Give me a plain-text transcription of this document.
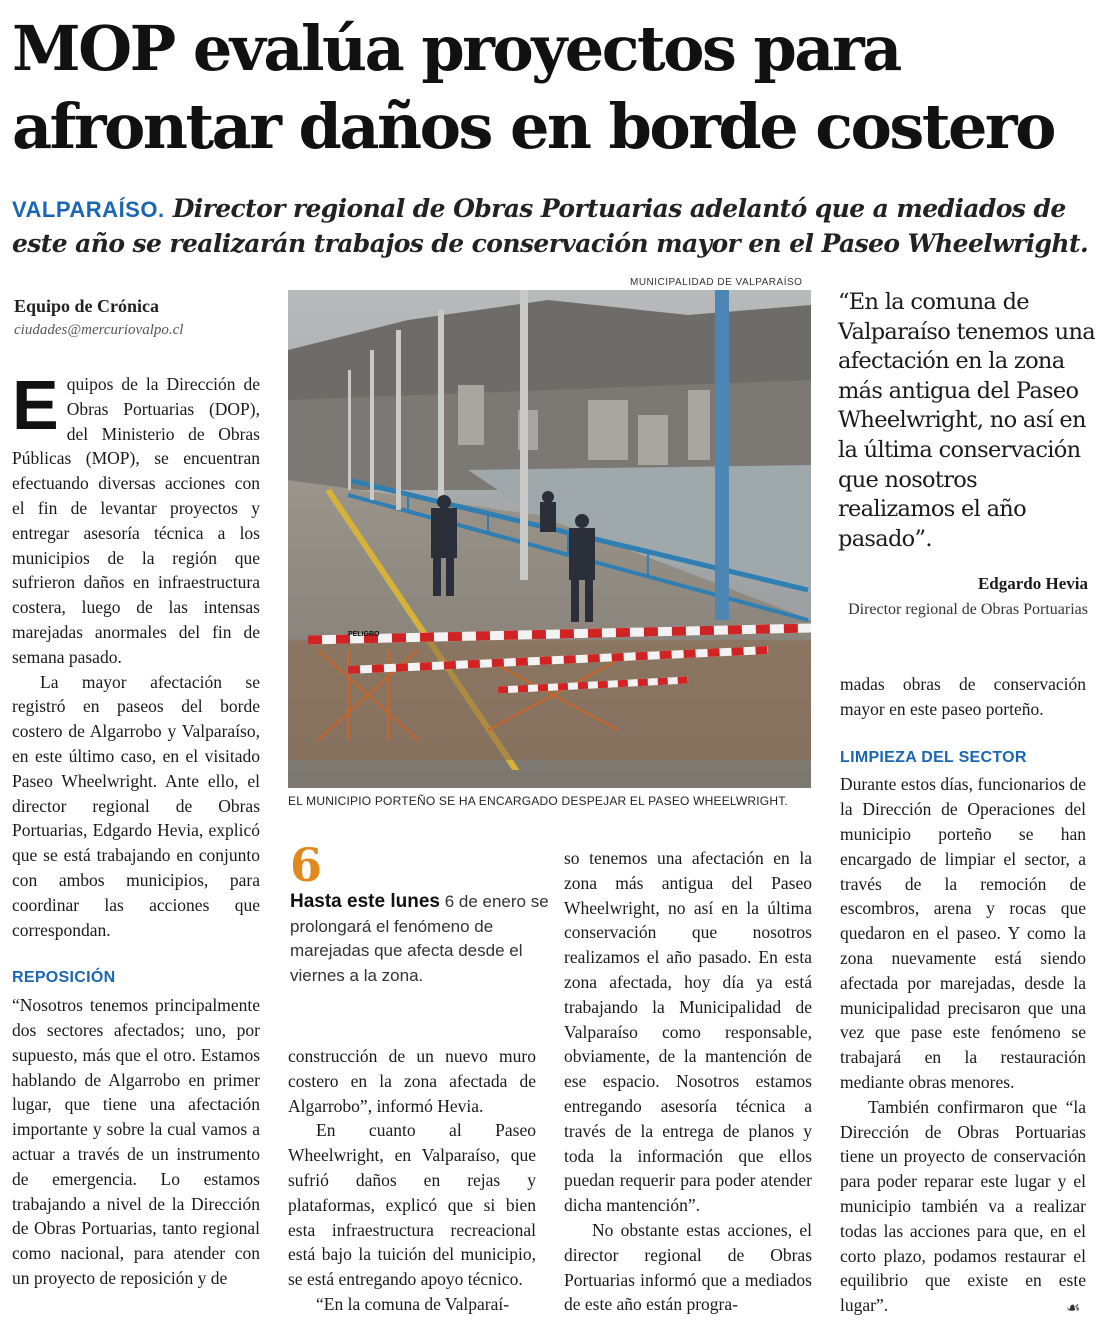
MOP evalúa proyectos para afrontar daños en borde costero
VALPARAÍSO. Director regional de Obras Portuarias adelantó que a mediados de este año se realizarán trabajos de conservación mayor en el Paseo Wheelwright.
Equipo de Crónica
ciudades@mercuriovalpo.cl

Equipos de la Dirección de Obras Portuarias (DOP), del Ministerio de Obras Públicas (MOP), se encuentran efectuando diversas acciones con el fin de levantar proyectos y entregar asesoría técnica a los municipios de la región que sufrieron daños en infraestructura costera, luego de las intensas marejadas anormales del fin de semana pasado.

La mayor afectación se registró en paseos del borde costero de Algarrobo y Valparaíso, en este último caso, en el visitado Paseo Wheelwright. Ante ello, el director regional de Obras Portuarias, Edgardo Hevia, explicó que se está trabajando en conjunto con ambos municipios, para coordinar las acciones que correspondan.

REPOSICIÓN

“Nosotros tenemos principalmente dos sectores afectados; uno, por supuesto, más que el otro. Estamos hablando de Algarrobo en primer lugar, que tiene una afectación importante y sobre la cual vamos a actuar a través de un instrumento de emergencia. Lo estamos trabajando a nivel de la Dirección de Obras Portuarias, tanto regional como nacional, para atender con un proyecto de reposición y de

MUNICIPALIDAD DE VALPARAÍSO
PELIGRO
EL MUNICIPIO PORTEÑO SE HA ENCARGADO DESPEJAR EL PASEO WHEELWRIGHT.
6
Hasta este lunes 6 de enero se prolongará el fenómeno de marejadas que afecta desde el viernes a la zona.

construcción de un nuevo muro costero en la zona afectada de Algarrobo”, informó Hevia.

En cuanto al Paseo Wheelwright, en Valparaíso, que sufrió daños en rejas y plataformas, explicó que si bien esta infraestructura recreacional está bajo la tuición del municipio, se está entregando apoyo técnico.

“En la comuna de Valparaí-

so tenemos una afectación en la zona más antigua del Paseo Wheelwright, no así en la última conservación que nosotros realizamos el año pasado. En esta zona afectada, hoy día ya está trabajando la Municipalidad de Valparaíso como responsable, obviamente, de la mantención de ese espacio. Nosotros estamos entregando asesoría técnica a través de la entrega de planos y toda la información que ellos puedan requerir para poder atender dicha mantención”.

No obstante estas acciones, el director regional de Obras Portuarias informó que a mediados de este año están progra-

“En la comuna de Valparaíso tenemos una afectación en la zona más antigua del Paseo Wheelwright, no así en la última conservación que nosotros realizamos el año pasado”.
Edgardo Hevia
Director regional de Obras Portuarias

madas obras de conservación mayor en este paseo porteño.

LIMPIEZA DEL SECTOR

Durante estos días, funcionarios de la Dirección de Operaciones del municipio porteño se han encargado de limpiar el sector, a través de la remoción de escombros, arena y rocas que quedaron en el paseo. Y como la zona nuevamente está siendo afectada por marejadas, desde la municipalidad precisaron que una vez que pase este fenómeno se trabajará en la restauración mediante obras menores.

También confirmaron que “la Dirección de Obras Portuarias tiene un proyecto de conservación para poder reparar este lugar y el municipio también va a realizar todas las acciones para que, en el corto plazo, podamos restaurar el equilibrio que existe en este lugar”.	☙
